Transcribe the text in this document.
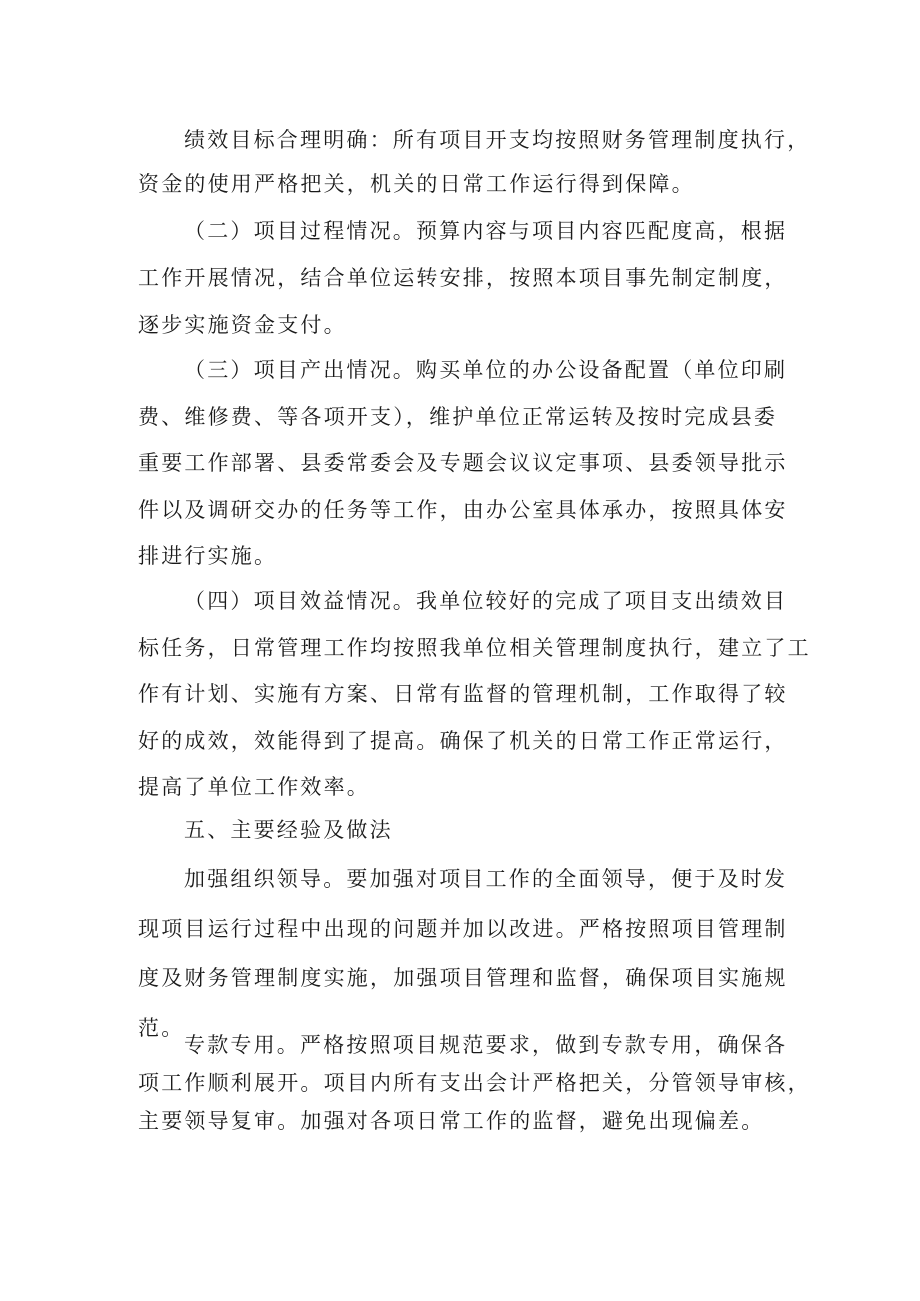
绩效目标合理明确：所有项目开支均按照财务管理制度执行，
资金的使用严格把关，机关的日常工作运行得到保障。
（二）项目过程情况。预算内容与项目内容匹配度高，根据
工作开展情况，结合单位运转安排，按照本项目事先制定制度，
逐步实施资金支付。
（三）项目产出情况。购买单位的办公设备配置（单位印刷
费、维修费、等各项开支），维护单位正常运转及按时完成县委
重要工作部署、县委常委会及专题会议议定事项、县委领导批示
件以及调研交办的任务等工作，由办公室具体承办，按照具体安
排进行实施。
（四）项目效益情况。我单位较好的完成了项目支出绩效目
标任务，日常管理工作均按照我单位相关管理制度执行，建立了工
作有计划、实施有方案、日常有监督的管理机制，工作取得了较
好的成效，效能得到了提高。确保了机关的日常工作正常运行，
提高了单位工作效率。
五、主要经验及做法
加强组织领导。要加强对项目工作的全面领导，便于及时发
现项目运行过程中出现的问题并加以改进。严格按照项目管理制
度及财务管理制度实施，加强项目管理和监督，确保项目实施规
范。
专款专用。严格按照项目规范要求，做到专款专用，确保各
项工作顺利展开。项目内所有支出会计严格把关，分管领导审核，
主要领导复审。加强对各项日常工作的监督，避免出现偏差。
